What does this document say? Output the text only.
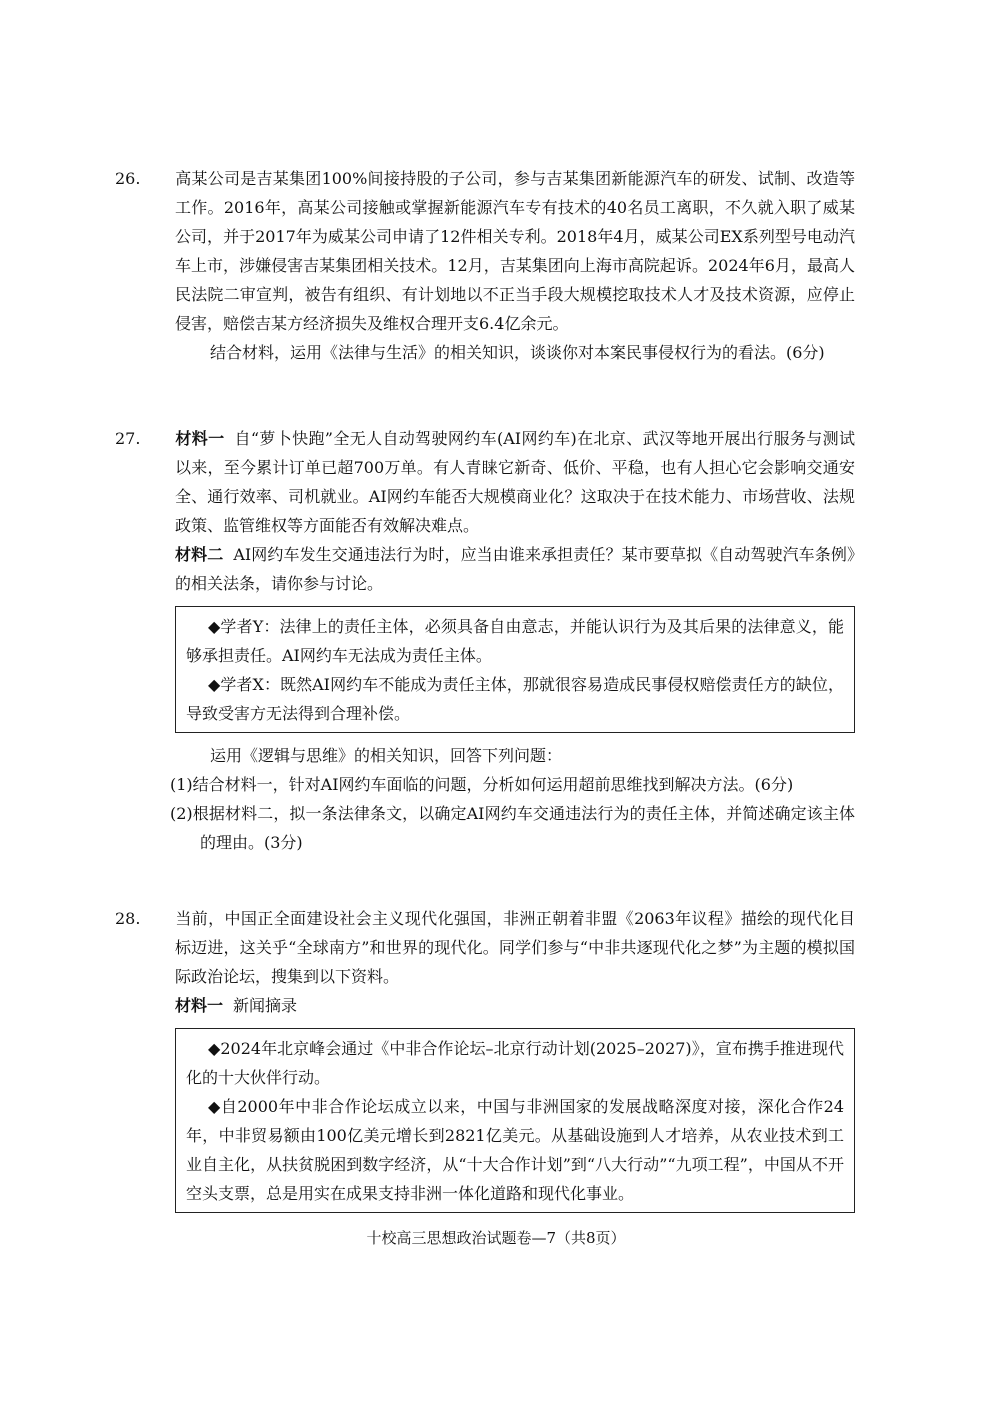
26. 高某公司是吉某集团100%间接持股的子公司，参与吉某集团新能源汽车的研发、试制、改造等工作。2016年，高某公司接触或掌握新能源汽车专有技术的40名员工离职，不久就入职了威某公司，并于2017年为威某公司申请了12件相关专利。2018年4月，威某公司EX系列型号电动汽车上市，涉嫌侵害吉某集团相关技术。12月，吉某集团向上海市高院起诉。2024年6月，最高人民法院二审宣判，被告有组织、有计划地以不正当手段大规模挖取技术人才及技术资源，应停止侵害，赔偿吉某方经济损失及维权合理开支6.4亿余元。

结合材料，运用《法律与生活》的相关知识，谈谈你对本案民事侵权行为的看法。(6分)

27. 材料一 自“萝卜快跑”全无人自动驾驶网约车(AI网约车)在北京、武汉等地开展出行服务与测试以来，至今累计订单已超700万单。有人青睐它新奇、低价、平稳，也有人担心它会影响交通安全、通行效率、司机就业。AI网约车能否大规模商业化？这取决于在技术能力、市场营收、法规政策、监管维权等方面能否有效解决难点。

材料二 AI网约车发生交通违法行为时，应当由谁来承担责任？某市要草拟《自动驾驶汽车条例》的相关法条，请你参与讨论。

◆学者Y：法律上的责任主体，必须具备自由意志，并能认识行为及其后果的法律意义，能够承担责任。AI网约车无法成为责任主体。

◆学者X：既然AI网约车不能成为责任主体，那就很容易造成民事侵权赔偿责任方的缺位，导致受害方无法得到合理补偿。

运用《逻辑与思维》的相关知识，回答下列问题：

(1)结合材料一，针对AI网约车面临的问题，分析如何运用超前思维找到解决方法。(6分)

(2)根据材料二，拟一条法律条文，以确定AI网约车交通违法行为的责任主体，并简述确定该主体的理由。(3分)

28. 当前，中国正全面建设社会主义现代化强国，非洲正朝着非盟《2063年议程》描绘的现代化目标迈进，这关乎“全球南方”和世界的现代化。同学们参与“中非共逐现代化之梦”为主题的模拟国际政治论坛，搜集到以下资料。

材料一 新闻摘录

◆2024年北京峰会通过《中非合作论坛–北京行动计划(2025–2027)》，宣布携手推进现代化的十大伙伴行动。

◆自2000年中非合作论坛成立以来，中国与非洲国家的发展战略深度对接，深化合作24年，中非贸易额由100亿美元增长到2821亿美元。从基础设施到人才培养，从农业技术到工业自主化，从扶贫脱困到数字经济，从“十大合作计划”到“八大行动”“九项工程”，中国从不开空头支票，总是用实在成果支持非洲一体化道路和现代化事业。

十校高三思想政治试题卷—7（共8页）
